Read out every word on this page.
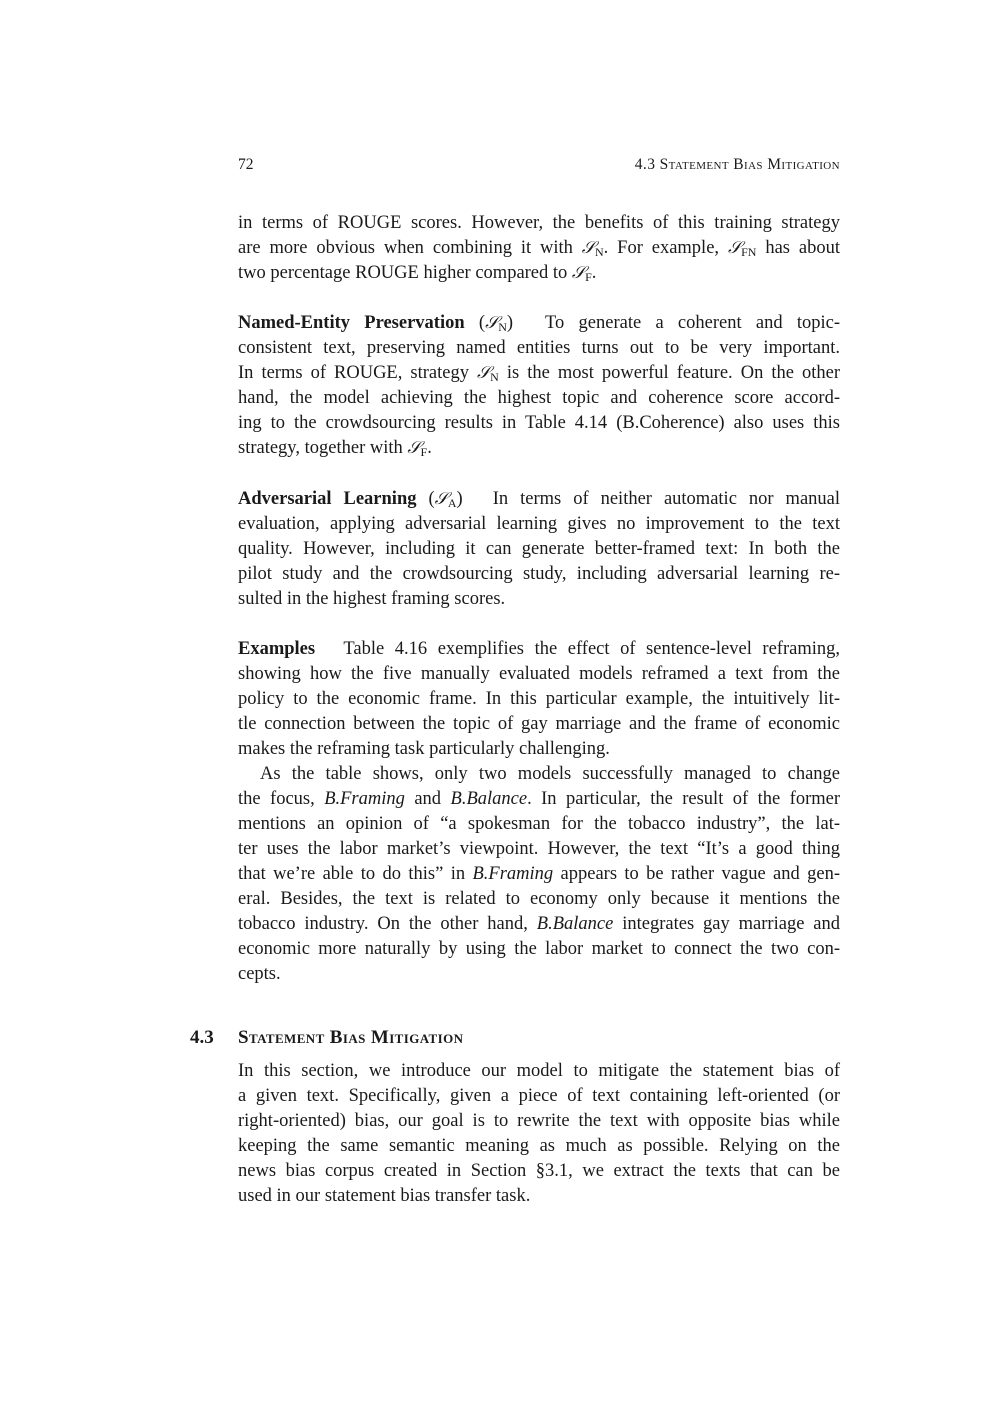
72	4.3 Statement Bias Mitigation
in terms of ROUGE scores. However, the benefits of this training strategy
are more obvious when combining it with 𝒮$_N$. For example, 𝒮$_{FN}$ has about
two percentage ROUGE higher compared to 𝒮$_F$.
Named-Entity Preservation (𝒮$_N$) To generate a coherent and topic-
consistent text, preserving named entities turns out to be very important.
In terms of ROUGE, strategy 𝒮$_N$ is the most powerful feature. On the other
hand, the model achieving the highest topic and coherence score accord-
ing to the crowdsourcing results in Table 4.14 (B.Coherence) also uses this
strategy, together with 𝒮$_F$.
Adversarial Learning (𝒮$_A$) In terms of neither automatic nor manual
evaluation, applying adversarial learning gives no improvement to the text
quality. However, including it can generate better-framed text: In both the
pilot study and the crowdsourcing study, including adversarial learning re-
sulted in the highest framing scores.
Examples Table 4.16 exemplifies the effect of sentence-level reframing,
showing how the five manually evaluated models reframed a text from the
policy to the economic frame. In this particular example, the intuitively lit-
tle connection between the topic of gay marriage and the frame of economic
makes the reframing task particularly challenging.
As the table shows, only two models successfully managed to change
the focus, B.Framing and B.Balance. In particular, the result of the former
mentions an opinion of “a spokesman for the tobacco industry”, the lat-
ter uses the labor market’s viewpoint. However, the text “It’s a good thing
that we’re able to do this” in B.Framing appears to be rather vague and gen-
eral. Besides, the text is related to economy only because it mentions the
tobacco industry. On the other hand, B.Balance integrates gay marriage and
economic more naturally by using the labor market to connect the two con-
cepts.
4.3 Statement Bias Mitigation
In this section, we introduce our model to mitigate the statement bias of
a given text. Specifically, given a piece of text containing left-oriented (or
right-oriented) bias, our goal is to rewrite the text with opposite bias while
keeping the same semantic meaning as much as possible. Relying on the
news bias corpus created in Section §3.1, we extract the texts that can be
used in our statement bias transfer task.
